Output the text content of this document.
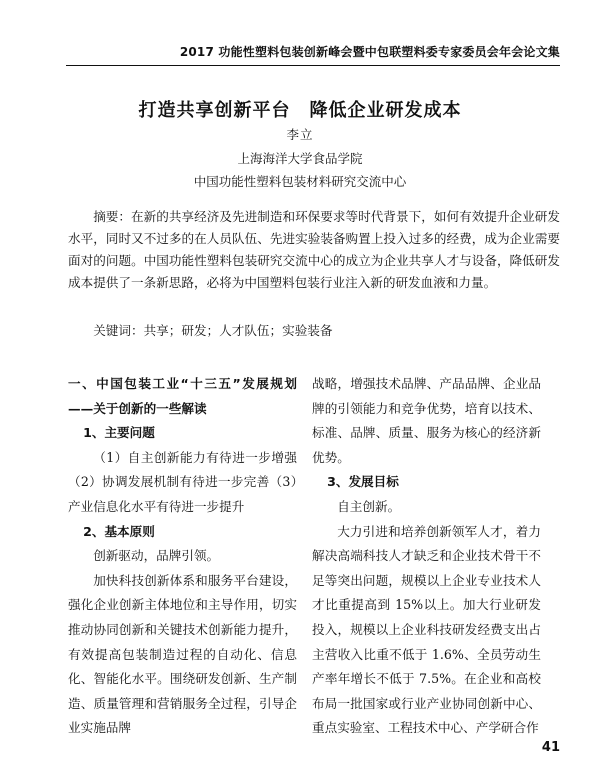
2017 功能性塑料包装创新峰会暨中包联塑料委专家委员会年会论文集
打造共享创新平台　降低企业研发成本
李立
上海海洋大学食品学院
中国功能性塑料包装材料研究交流中心
摘要：在新的共享经济及先进制造和环保要求等时代背景下，如何有效提升企业研发水平，同时又不过多的在人员队伍、先进实验装备购置上投入过多的经费，成为企业需要面对的问题。中国功能性塑料包装研究交流中心的成立为企业共享人才与设备，降低研发成本提供了一条新思路，必将为中国塑料包装行业注入新的研发血液和力量。
关键词：共享；研发；人才队伍；实验装备

一、中国包装工业“十三五”发展规划——关于创新的一些解读

1、主要问题

（1）自主创新能力有待进一步增强（2）协调发展机制有待进一步完善（3）产业信息化水平有待进一步提升

2、基本原则

创新驱动，品牌引领。

加快科技创新体系和服务平台建设，强化企业创新主体地位和主导作用，切实推动协同创新和关键技术创新能力提升，有效提高包装制造过程的自动化、信息化、智能化水平。围绕研发创新、生产制造、质量管理和营销服务全过程，引导企业实施品牌

战略，增强技术品牌、产品品牌、企业品牌的引领能力和竞争优势，培育以技术、标准、品牌、质量、服务为核心的经济新优势。

3、发展目标

自主创新。

大力引进和培养创新领军人才，着力解决高端科技人才缺乏和企业技术骨干不足等突出问题，规模以上企业专业技术人才比重提高到 15%以上。加大行业研发投入，规模以上企业科技研发经费支出占主营收入比重不低于 1.6%、全员劳动生产率年增长不低于 7.5%。在企业和高校布局一批国家或行业产业协同创新中心、重点实验室、工程技术中心、产学研合作

41
